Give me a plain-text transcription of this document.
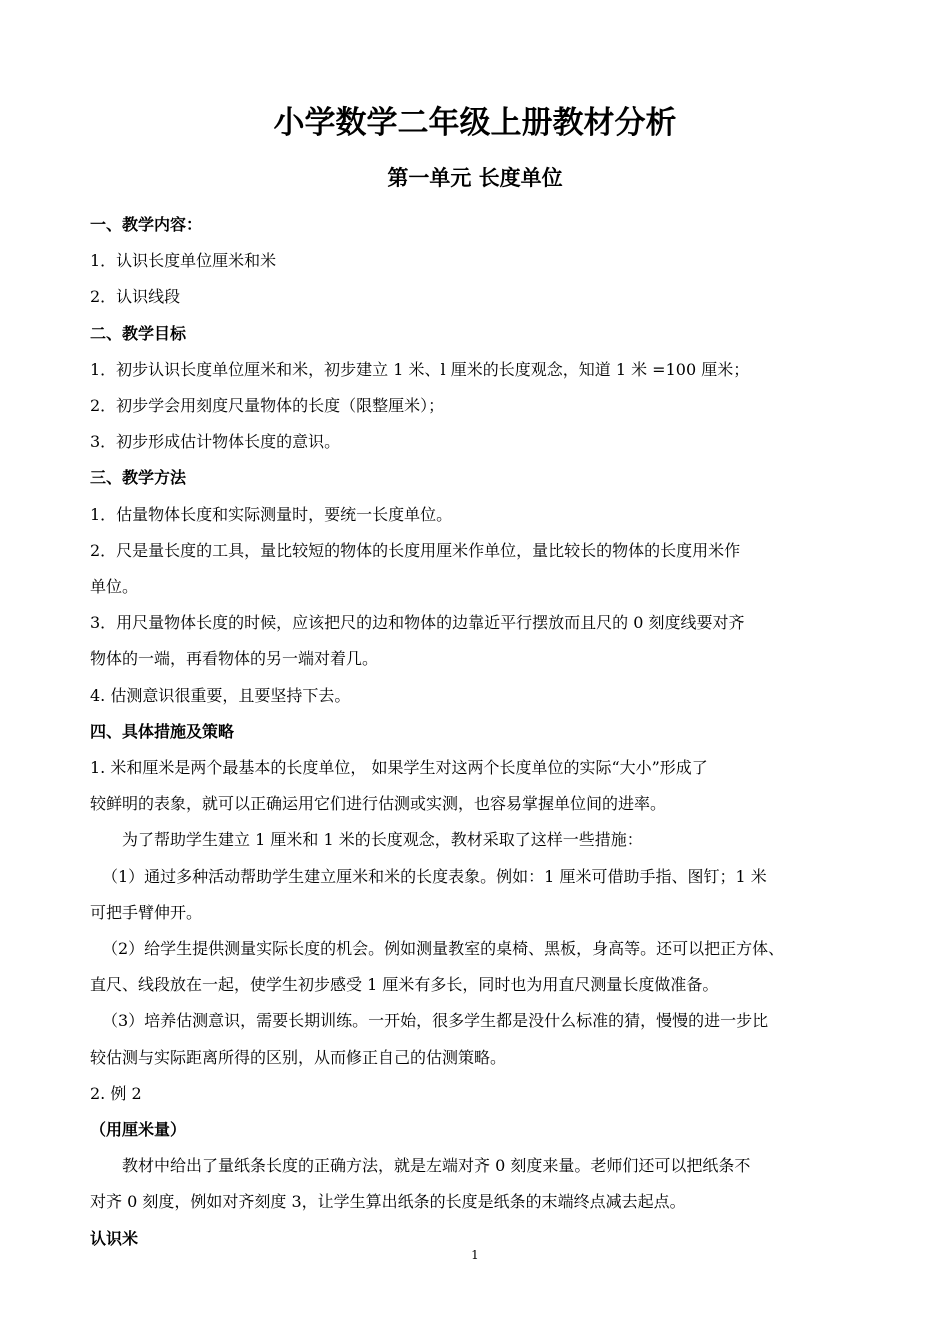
小学数学二年级上册教材分析
第一单元 长度单位

一、教学内容：

1．认识长度单位厘米和米

2．认识线段

二、教学目标

1．初步认识长度单位厘米和米，初步建立 1 米、l 厘米的长度观念，知道 1 米 =100 厘米；

2．初步学会用刻度尺量物体的长度（限整厘米）；

3．初步形成估计物体长度的意识。

三、教学方法

1．估量物体长度和实际测量时，要统一长度单位。

2．尺是量长度的工具，量比较短的物体的长度用厘米作单位，量比较长的物体的长度用米作

单位。

3．用尺量物体长度的时候，应该把尺的边和物体的边靠近平行摆放而且尺的 0 刻度线要对齐

物体的一端，再看物体的另一端对着几。

4. 估测意识很重要，且要坚持下去。

四、具体措施及策略

1. 米和厘米是两个最基本的长度单位， 如果学生对这两个长度单位的实际“大小”形成了

较鲜明的表象，就可以正确运用它们进行估测或实测，也容易掌握单位间的进率。

为了帮助学生建立 1 厘米和 1 米的长度观念，教材采取了这样一些措施：

（1）通过多种活动帮助学生建立厘米和米的长度表象。例如：1 厘米可借助手指、图钉；1 米

可把手臂伸开。

（2）给学生提供测量实际长度的机会。例如测量教室的桌椅、黑板，身高等。还可以把正方体、

直尺、线段放在一起，使学生初步感受 1 厘米有多长，同时也为用直尺测量长度做准备。

（3）培养估测意识，需要长期训练。一开始，很多学生都是没什么标准的猜，慢慢的进一步比

较估测与实际距离所得的区别，从而修正自己的估测策略。

2. 例 2

（用厘米量）

教材中给出了量纸条长度的正确方法，就是左端对齐 0 刻度来量。老师们还可以把纸条不

对齐 0 刻度，例如对齐刻度 3，让学生算出纸条的长度是纸条的末端终点减去起点。

认识米

1
